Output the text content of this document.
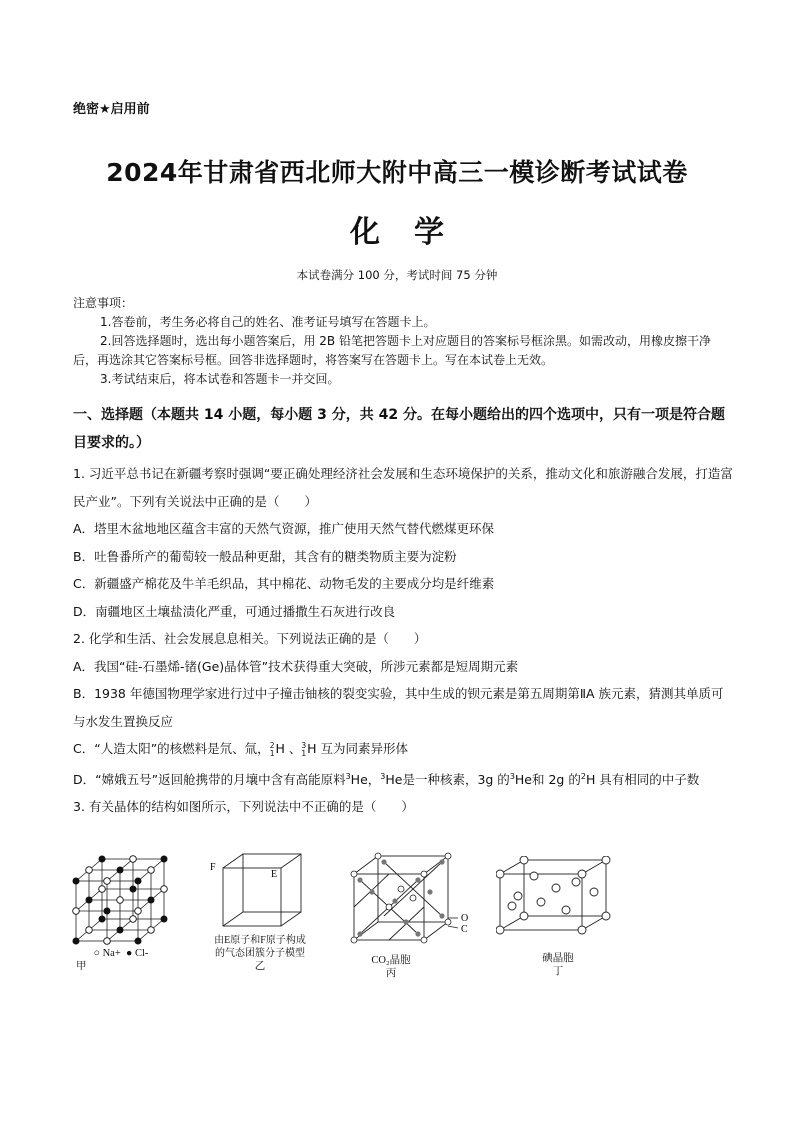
绝密★启用前
2024年甘肃省西北师大附中高三一模诊断考试试卷
化学
本试卷满分 100 分，考试时间 75 分钟
注意事项：
1.答卷前，考生务必将自己的姓名、准考证号填写在答题卡上。
2.回答选择题时，选出每小题答案后，用 2B 铅笔把答题卡上对应题目的答案标号框涂黑。如需改动，用橡皮擦干净后，再选涂其它答案标号框。回答非选择题时，将答案写在答题卡上。写在本试卷上无效。
3.考试结束后，将本试卷和答题卡一并交回。
一、选择题（本题共 14 小题，每小题 3 分，共 42 分。在每小题给出的四个选项中，只有一项是符合题目要求的。）

1. 习近平总书记在新疆考察时强调“要正确处理经济社会发展和生态环境保护的关系，推动文化和旅游融合发展，打造富民产业”。下列有关说法中正确的是（　　）

A．塔里木盆地地区蕴含丰富的天然气资源，推广使用天然气替代燃煤更环保

B．吐鲁番所产的葡萄较一般品种更甜，其含有的糖类物质主要为淀粉

C．新疆盛产棉花及牛羊毛织品，其中棉花、动物毛发的主要成分均是纤维素

D．南疆地区土壤盐渍化严重，可通过播撒生石灰进行改良

2. 化学和生活、社会发展息息相关。下列说法正确的是（　　）

A．我国“硅-石墨烯-锗(Ge)晶体管”技术获得重大突破，所涉元素都是短周期元素

B．1938 年德国物理学家进行过中子撞击铀核的裂变实验，其中生成的钡元素是第五周期第ⅡA 族元素，猜测其单质可与水发生置换反应

C．“人造太阳”的核燃料是氘、氚， 2
1 H 、 3
1 H 互为同素异形体

D．“嫦娥五号”返回舱携带的月壤中含有高能原料$^3$He，$^3$He是一种核素，3g 的$^3$He和 2g 的$^2$H 具有相同的中子数

3. 有关晶体的结构如图所示，下列说法中不正确的是（　　）

○ Na+ ● Cl-
甲
F
E
由E原子和F原子构成
的气态团簇分子模型
乙
O
C
CO₂晶胞
丙
碘晶胞
丁
